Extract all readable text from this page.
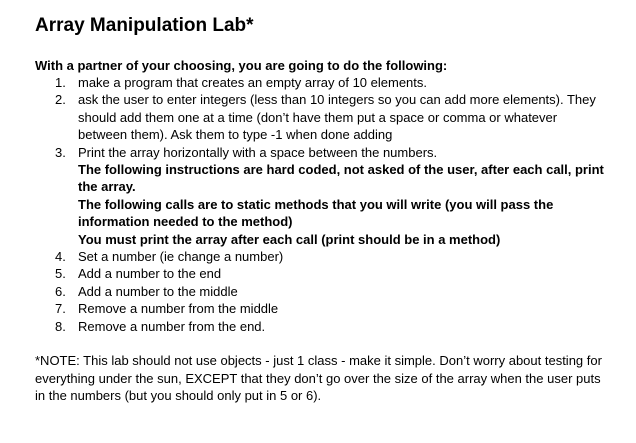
Array Manipulation Lab*

With a partner of your choosing, you are going to do the following:

1. make a program that creates an empty array of 10 elements.
2. ask the user to enter integers (less than 10 integers so you can add more elements). They should add them one at a time (don’t have them put a space or comma or whatever between them). Ask them to type -1 when done adding
3. Print the array horizontally with a space between the numbers.
The following instructions are hard coded, not asked of the user, after each call, print the array.
The following calls are to static methods that you will write (you will pass the information needed to the method)
You must print the array after each call (print should be in a method)
4. Set a number (ie change a number)
5. Add a number to the end
6. Add a number to the middle
7. Remove a number from the middle
8. Remove a number from the end.

*NOTE: This lab should not use objects - just 1 class - make it simple. Don’t worry about testing for everything under the sun, EXCEPT that they don’t go over the size of the array when the user puts in the numbers (but you should only put in 5 or 6).
